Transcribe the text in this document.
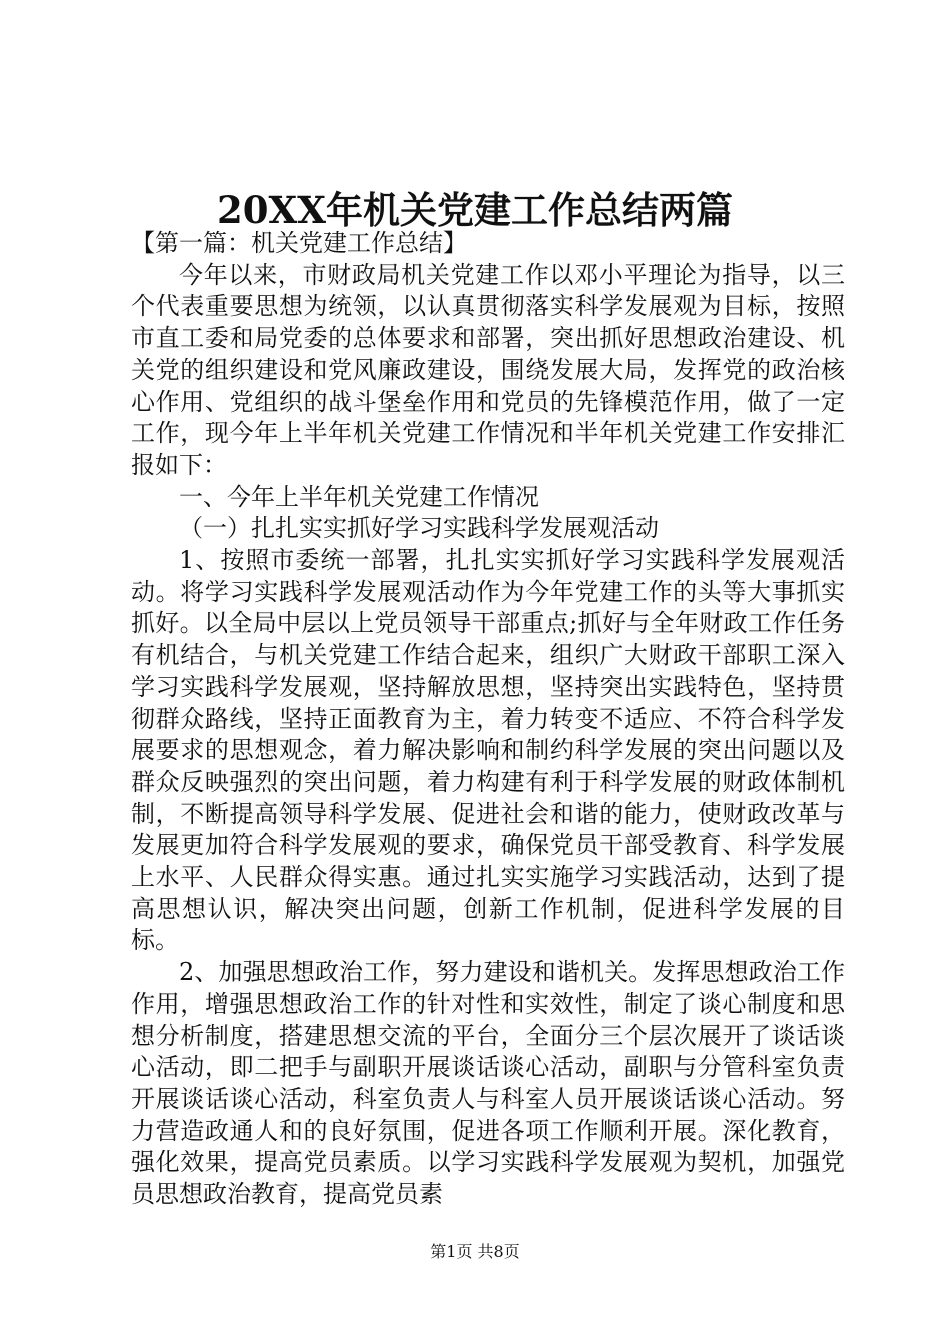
20XX年机关党建工作总结两篇

【第一篇：机关党建工作总结】

今年以来，市财政局机关党建工作以邓小平理论为指导，以三个代表重要思想为统领，以认真贯彻落实科学发展观为目标，按照市直工委和局党委的总体要求和部署，突出抓好思想政治建设、机关党的组织建设和党风廉政建设，围绕发展大局，发挥党的政治核心作用、党组织的战斗堡垒作用和党员的先锋模范作用，做了一定工作，现今年上半年机关党建工作情况和半年机关党建工作安排汇报如下：

一、今年上半年机关党建工作情况

（一）扎扎实实抓好学习实践科学发展观活动

1、按照市委统一部署，扎扎实实抓好学习实践科学发展观活动。将学习实践科学发展观活动作为今年党建工作的头等大事抓实抓好。以全局中层以上党员领导干部重点;抓好与全年财政工作任务有机结合，与机关党建工作结合起来，组织广大财政干部职工深入学习实践科学发展观，坚持解放思想，坚持突出实践特色，坚持贯彻群众路线，坚持正面教育为主，着力转变不适应、不符合科学发展要求的思想观念，着力解决影响和制约科学发展的突出问题以及群众反映强烈的突出问题，着力构建有利于科学发展的财政体制机制，不断提高领导科学发展、促进社会和谐的能力，使财政改革与发展更加符合科学发展观的要求，确保党员干部受教育、科学发展上水平、人民群众得实惠。通过扎实实施学习实践活动，达到了提高思想认识，解决突出问题，创新工作机制，促进科学发展的目标。

2、加强思想政治工作，努力建设和谐机关。发挥思想政治工作作用，增强思想政治工作的针对性和实效性，制定了谈心制度和思想分析制度，搭建思想交流的平台，全面分三个层次展开了谈话谈心活动，即二把手与副职开展谈话谈心活动，副职与分管科室负责开展谈话谈心活动，科室负责人与科室人员开展谈话谈心活动。努力营造政通人和的良好氛围，促进各项工作顺利开展。深化教育，强化效果，提高党员素质。以学习实践科学发展观为契机，加强党员思想政治教育，提高党员素

第1页 共8页
